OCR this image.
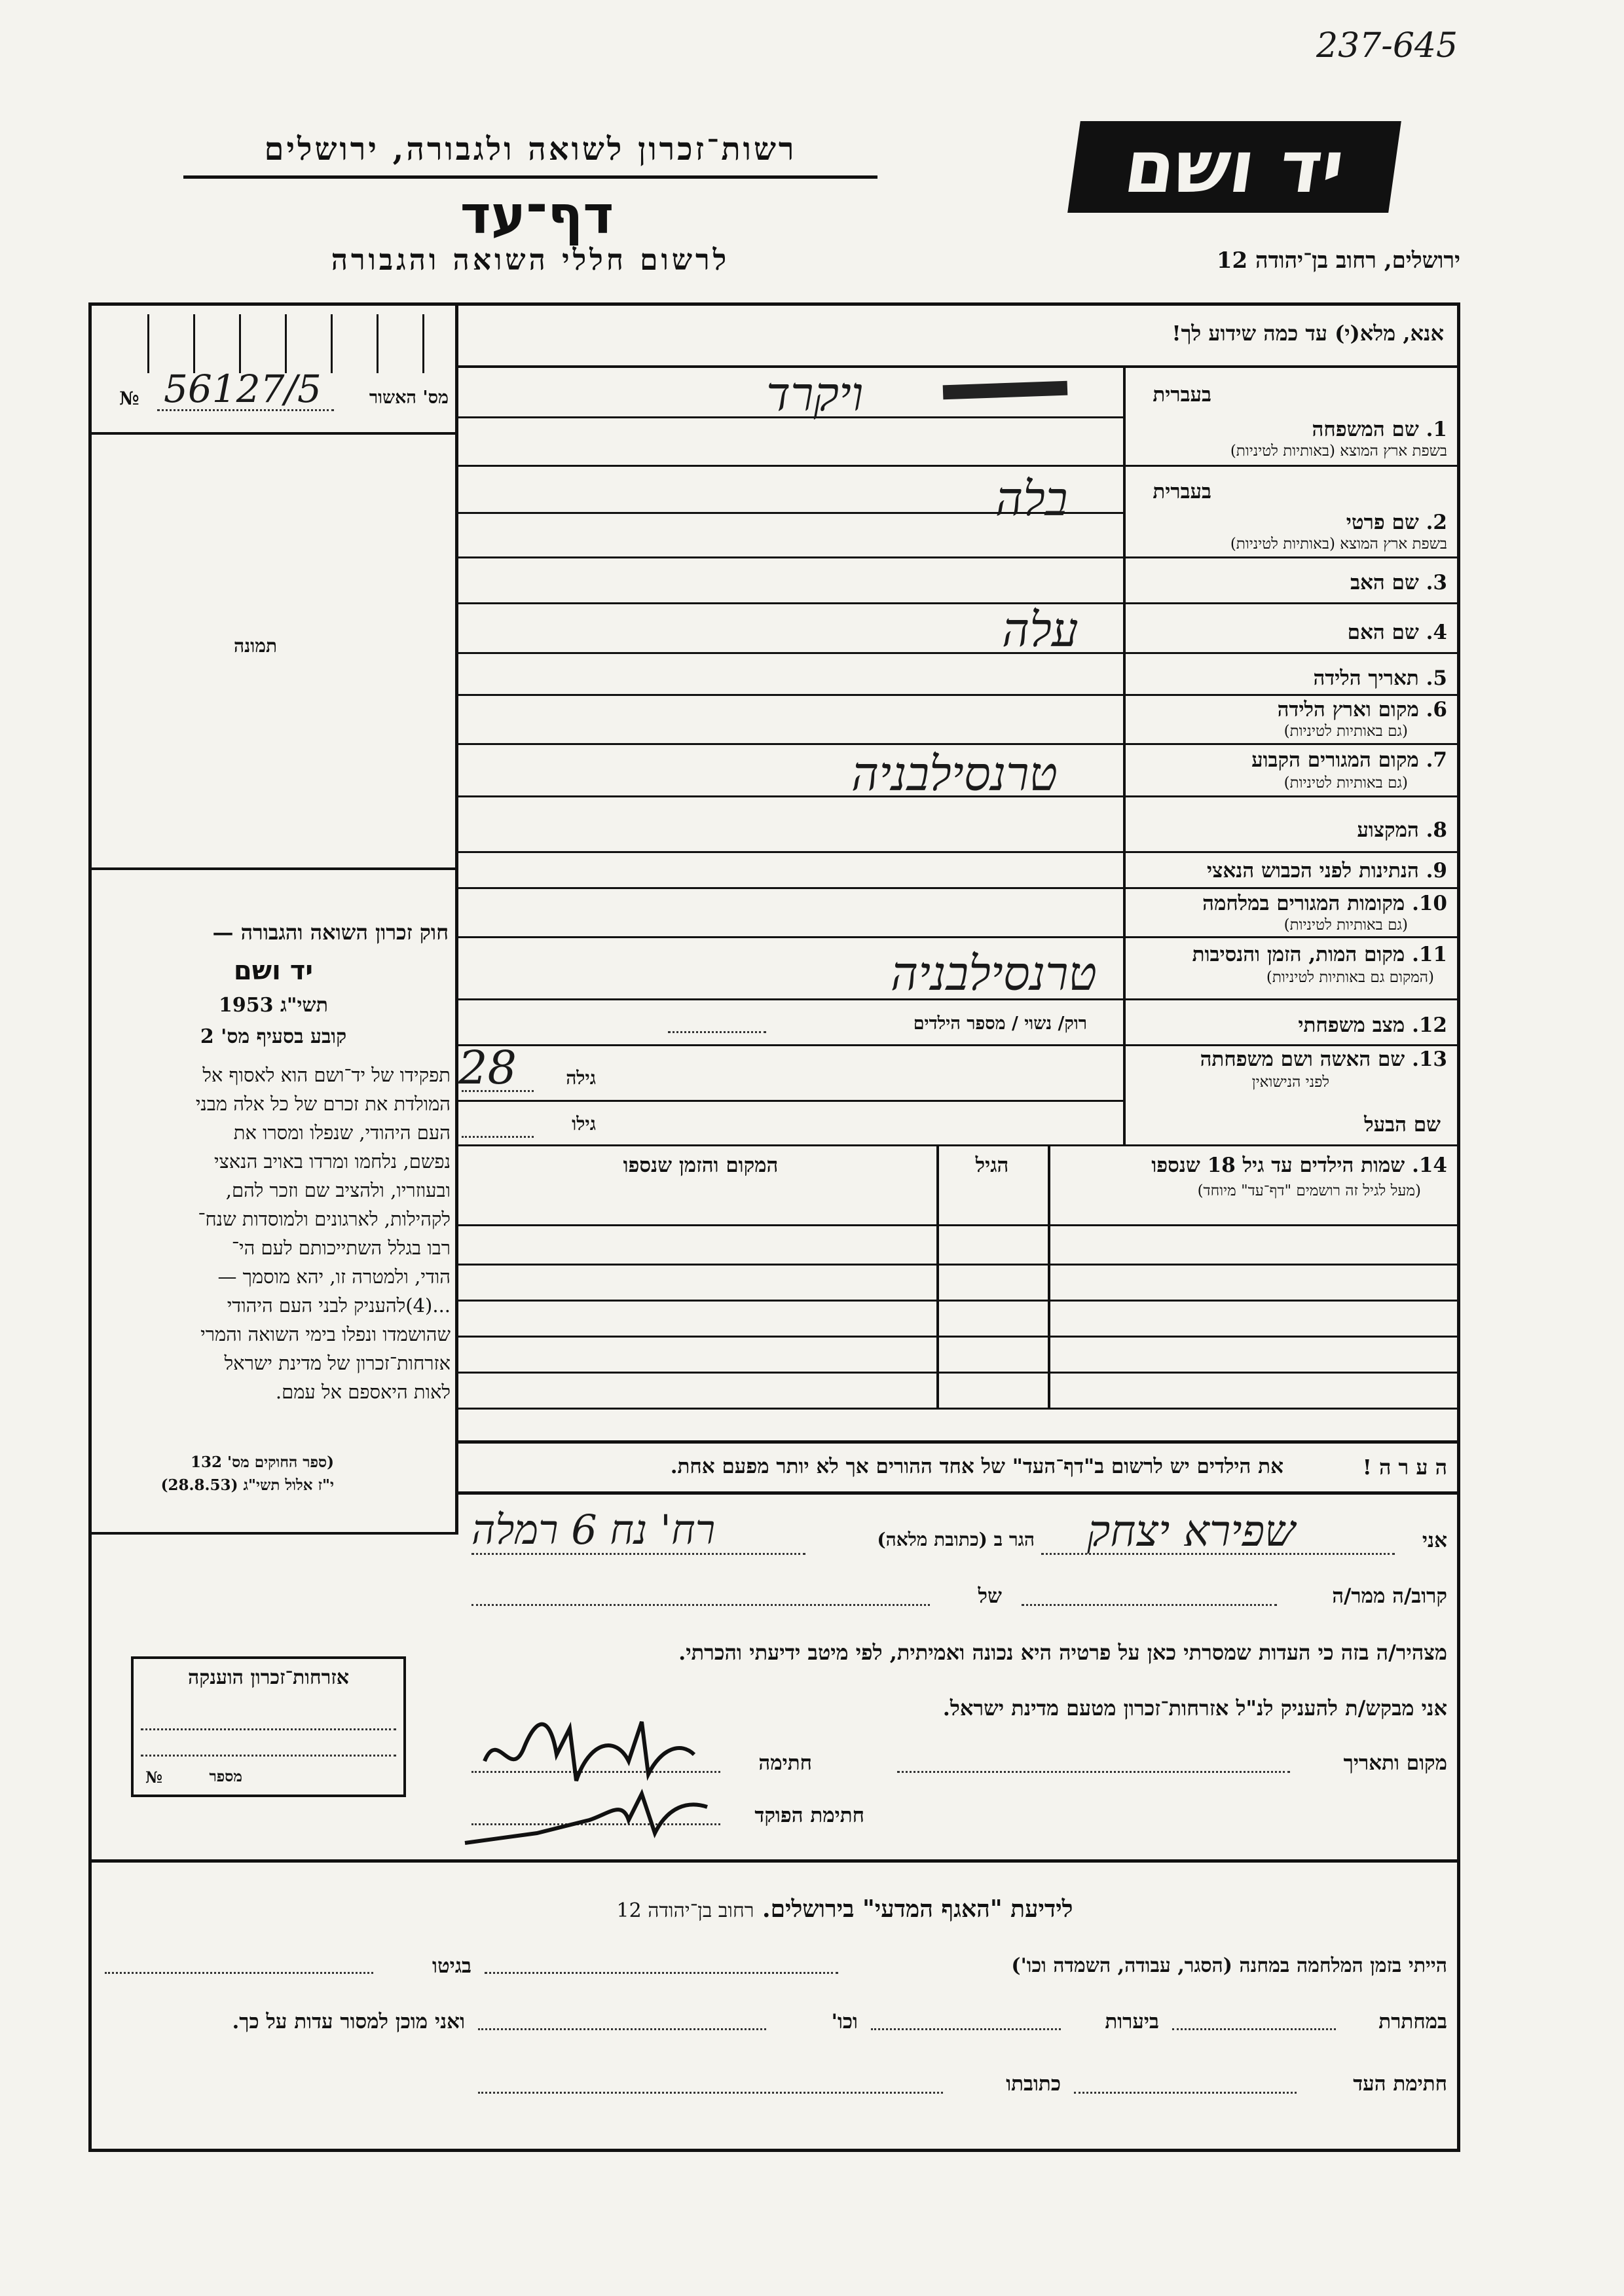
237-645
יד ושם
רשות־זכרון לשואה ולגבורה, ירושלים
דף־עד
לרשום חללי השואה והגבורה	ירושלים, רחוב בן־יהודה 12
מס' האשור
56127/5
№
תמונה
אנא, מלא(י) עד כמה שידוע לך!
בעברית
1. שם המשפחה
בשפת ארץ המוצא (באותיות לטיניות)
ויקרד
בעברית
2. שם פרטי
בשפת ארץ המוצא (באותיות לטיניות)
בלה
3. שם האב
4. שם האם
עלה
5. תאריך הלידה
6. מקום וארץ הלידה
(גם באותיות לטיניות)
7. מקום המגורים הקבוע
(גם באותיות לטיניות)
טרנסילבניה
8. המקצוע
9. הנתינות לפני הכבוש הנאצי
10. מקומות המגורים במלחמה
(גם באותיות לטיניות)
11. מקום המות, הזמן והנסיבות
(המקום גם באותיות לטיניות)
טרנסילבניה
12. מצב משפחתי
רוק/ נשוי / מספר הילדים
13. שם האשה ושם משפחתה
לפני הנישואין
גילה
28
שם הבעל
גילו
14. שמות הילדים עד גיל 18 שנספו
(מעל לגיל זה רושמים "דף־עד" מיוחד)
הגיל
המקום והזמן שנספו
חוק זכרון השואה והגבורה —
יד ושם
תשי"ג 1953
קובע בסעיף מס' 2
תפקידו של יד־ושם הוא לאסוף אל
המולדת את זכרם של כל אלה מבני
העם היהודי, שנפלו ומסרו את
נפשם, נלחמו ומרדו באויב הנאצי
ובעוזריו, ולהציב שם וזכר להם,
לקהילות, לארגונים ולמוסדות שנח־
רבו בגלל השתייכותם לעם הי־
הודי, ולמטרה זו, יהא מוסמך —
...(4)להעניק לבני העם היהודי
שהושמדו ונפלו בימי השואה והמרי
אזרחות־זכרון של מדינת ישראל
לאות היאספם אל עמם.
(ספר החוקים מס' 132
י"ז אלול תשי"ג (28.8.53)
ה ע ר ה !
את הילדים יש לרשום ב"דף־העד" של אחד ההורים אך לא יותר מפעם אחת.
אני
שפירא יצחק
הגר ב (כתובת מלאה)
רח' נח 6 רמלה
קרוב/ה ממר/ה
של
מצהיר/ה בזה כי העדות שמסרתי כאן על פרטיה היא נכונה ואמיתית, לפי מיטב ידיעתי והכרתי.
אני מבקש/ת להעניק לנ"ל אזרחות־זכרון מטעם מדינת ישראל.
מקום ותאריך
חתימה
חתימת הפוקד
אזרחות־זכרון הוענקה
מספר
№
לידיעת "האגף המדעי" בירושלים. רחוב בן־יהודה 12
הייתי בזמן המלחמה במחנה (הסגר, עבודה, השמדה וכו')
בגיטו
במחתרת
ביערות
וכו'
ואני מוכן למסור עדות על כך.
חתימת העד
כתובתו
